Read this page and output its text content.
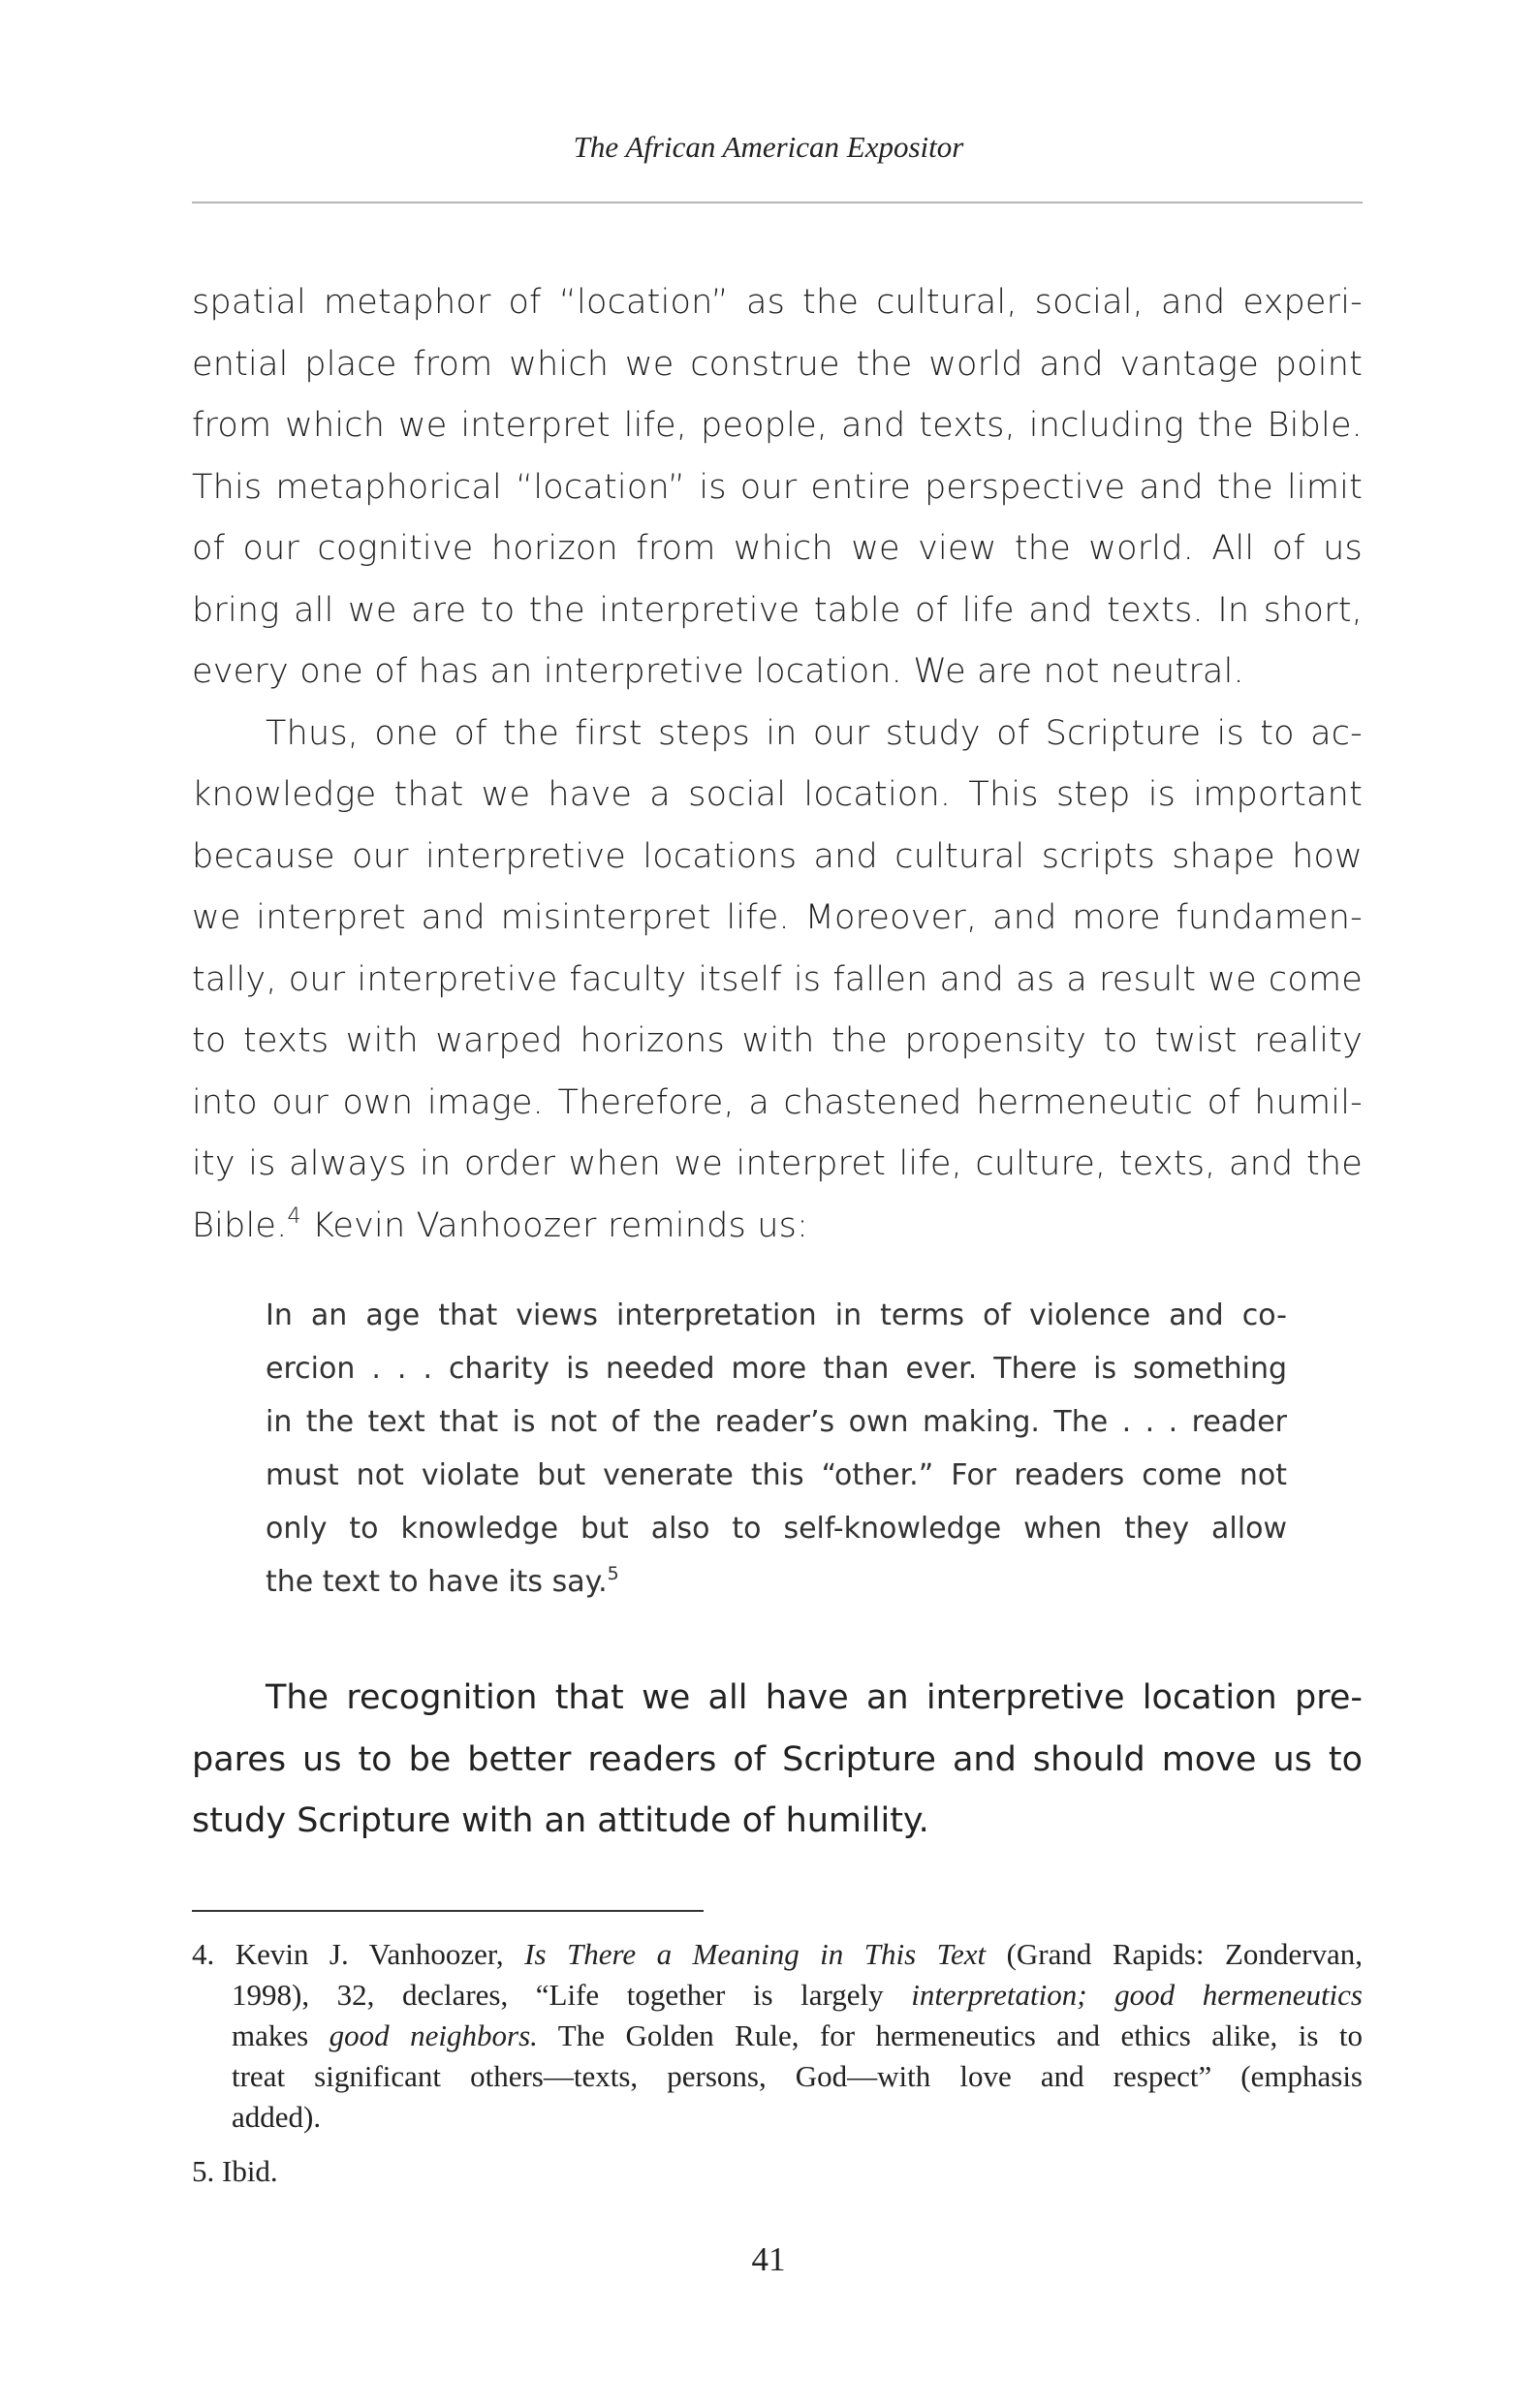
The African American Expositor
spatial metaphor of “location” as the cultural, social, and experi-
ential place from which we construe the world and vantage point
from which we interpret life, people, and texts, including the Bible.
This metaphorical “location” is our entire perspective and the limit
of our cognitive horizon from which we view the world. All of us
bring all we are to the interpretive table of life and texts. In short,
every one of has an interpretive location. We are not neutral.
Thus, one of the first steps in our study of Scripture is to ac-
knowledge that we have a social location. This step is important
because our interpretive locations and cultural scripts shape how
we interpret and misinterpret life. Moreover, and more fundamen-
tally, our interpretive faculty itself is fallen and as a result we come
to texts with warped horizons with the propensity to twist reality
into our own image. Therefore, a chastened hermeneutic of humil-
ity is always in order when we interpret life, culture, texts, and the
Bible.$^4$ Kevin Vanhoozer reminds us:
In an age that views interpretation in terms of violence and co-
ercion . . . charity is needed more than ever. There is something
in the text that is not of the reader’s own making. The . . . reader
must not violate but venerate this “other.” For readers come not
only to knowledge but also to self-knowledge when they allow
the text to have its say.$^5$
The recognition that we all have an interpretive location pre-
pares us to be better readers of Scripture and should move us to
study Scripture with an attitude of humility.
4. Kevin J. Vanhoozer, Is There a Meaning in This Text (Grand Rapids: Zondervan,
1998), 32, declares, “Life together is largely interpretation; good hermeneutics
makes good neighbors. The Golden Rule, for hermeneutics and ethics alike, is to
treat significant others—texts, persons, God—with love and respect” (emphasis
added).
5. Ibid.
41
